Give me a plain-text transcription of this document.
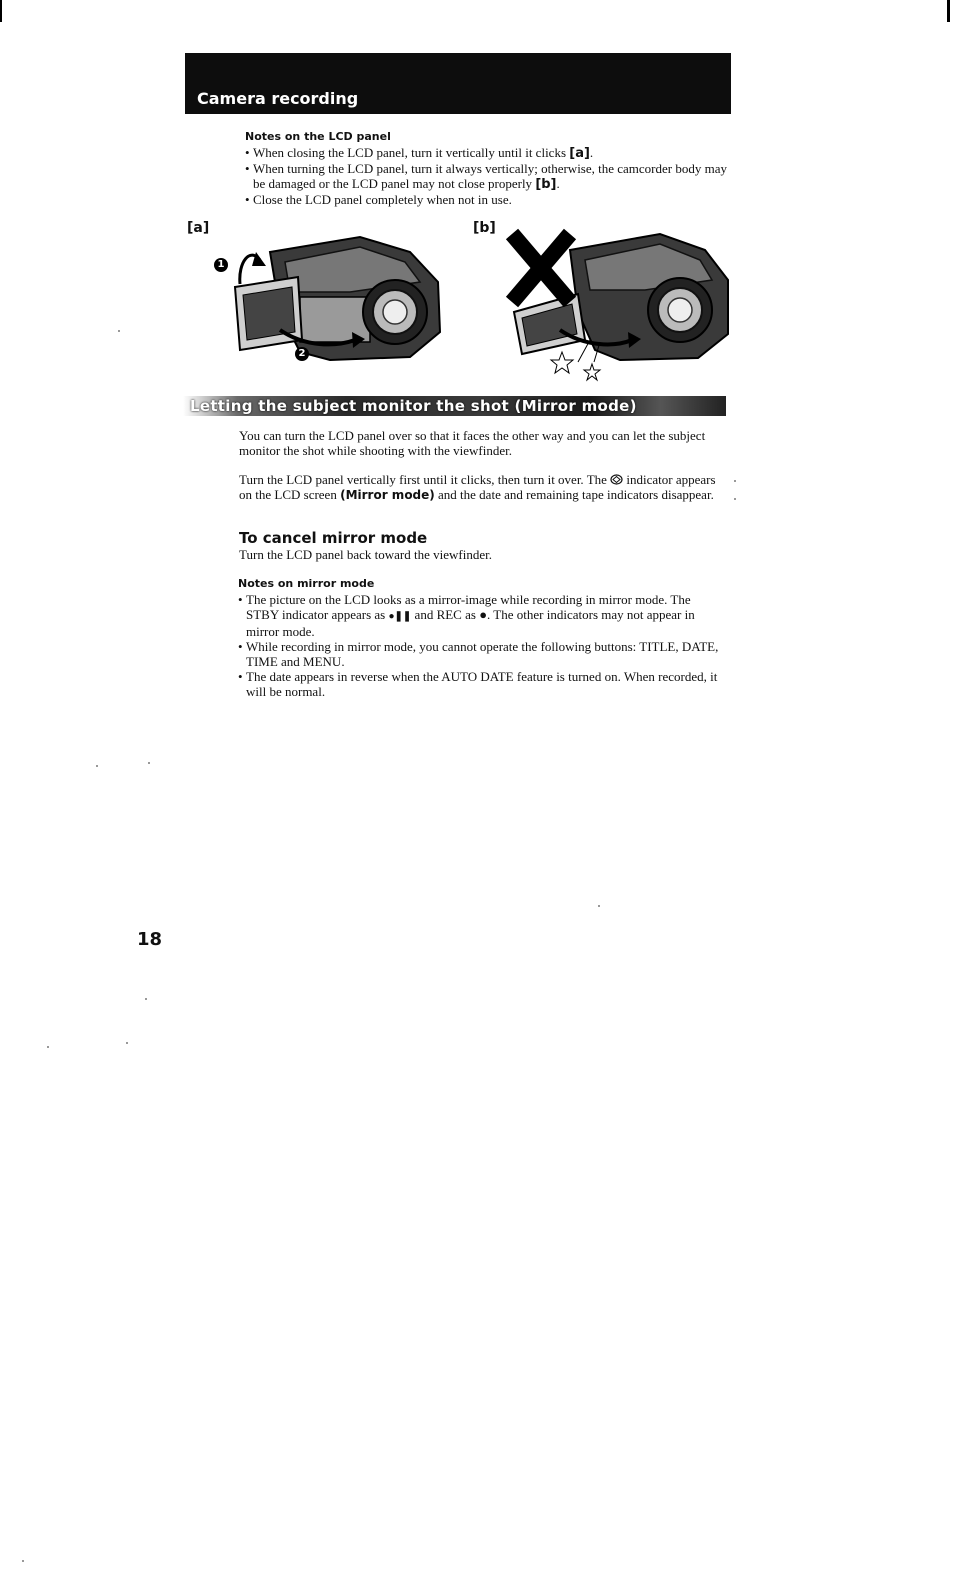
Camera recording
Notes on the LCD panel
• When closing the LCD panel, turn it vertically until it clicks [a].
• When turning the LCD panel, turn it always vertically; otherwise, the camcorder body may be damaged or the LCD panel may not close properly [b].
• Close the LCD panel completely when not in use.
[a]	[b]
1
2
Letting the subject monitor the shot (Mirror mode)
You can turn the LCD panel over so that it faces the other way and you can let the subject monitor the shot while shooting with the viewfinder.
Turn the LCD panel vertically first until it clicks, then turn it over. The  indicator appears on the LCD screen (Mirror mode) and the date and remaining tape indicators disappear.
To cancel mirror mode
Turn the LCD panel back toward the viewfinder.
Notes on mirror mode
• The picture on the LCD looks as a mirror-image while recording in mirror mode. The STBY indicator appears as ●❚❚ and REC as ●. The other indicators may not appear in mirror mode.
• While recording in mirror mode, you cannot operate the following buttons: TITLE, DATE, TIME and MENU.
• The date appears in reverse when the AUTO DATE feature is turned on. When recorded, it will be normal.
18
